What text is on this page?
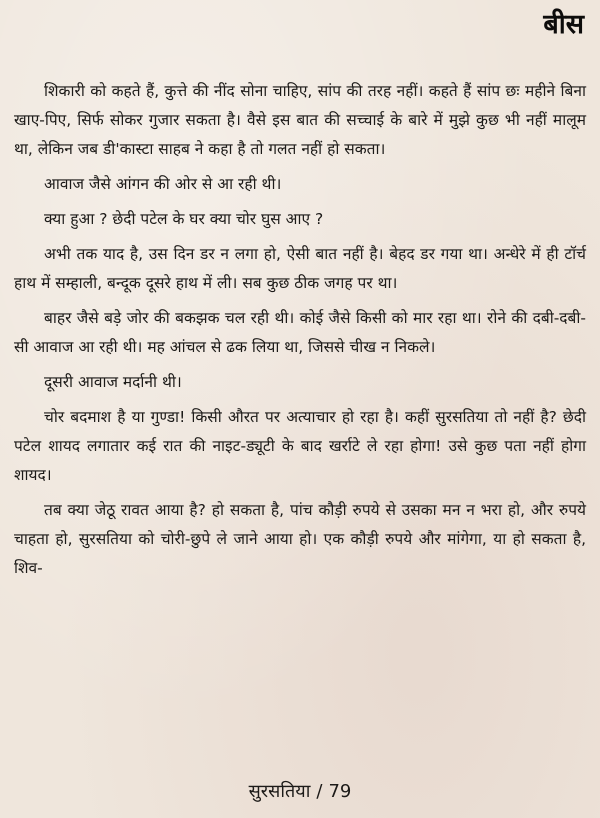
बीस

शिकारी को कहते हैं, कुत्ते की नींद सोना चाहिए, सांप की तरह नहीं। कहते हैं सांप छः महीने बिना खाए-पिए, सिर्फ सोकर गुजार सकता है। वैसे इस बात की सच्चाई के बारे में मुझे कुछ भी नहीं मालूम था, लेकिन जब डी'कास्टा साहब ने कहा है तो गलत नहीं हो सकता।

आवाज जैसे आंगन की ओर से आ रही थी।

क्या हुआ ? छेदी पटेल के घर क्या चोर घुस आए ?

अभी तक याद है, उस दिन डर न लगा हो, ऐसी बात नहीं है। बेहद डर गया था। अन्धेरे में ही टॉर्च हाथ में सम्हाली, बन्दूक दूसरे हाथ में ली। सब कुछ ठीक जगह पर था।

बाहर जैसे बड़े जोर की बकझक चल रही थी। कोई जैसे किसी को मार रहा था। रोने की दबी-दबी-सी आवाज आ रही थी। मह आंचल से ढक लिया था, जिससे चीख न निकले।

दूसरी आवाज मर्दानी थी।

चोर बदमाश है या गुण्डा! किसी औरत पर अत्याचार हो रहा है। कहीं सुरसतिया तो नहीं है? छेदी पटेल शायद लगातार कई रात की नाइट-ड्यूटी के बाद खर्राटे ले रहा होगा! उसे कुछ पता नहीं होगा शायद।

तब क्या जेठू रावत आया है? हो सकता है, पांच कौड़ी रुपये से उसका मन न भरा हो, और रुपये चाहता हो, सुरसतिया को चोरी-छुपे ले जाने आया हो। एक कौड़ी रुपये और मांगेगा, या हो सकता है, शिव-

सुरसतिया / 79
